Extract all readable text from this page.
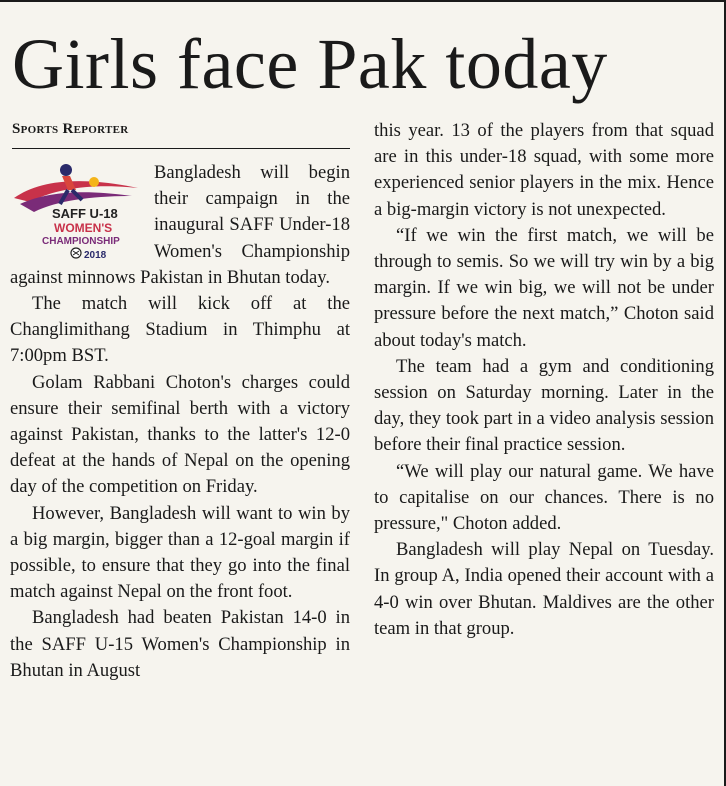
Girls face Pak today
Sports Reporter
SAFF U-18
WOMEN'S
CHAMPIONSHIP
2018

Bangladesh will begin their campaign in the inaugural SAFF Under-18 Women's Championship against minnows Pakistan in Bhutan today.

The match will kick off at the Changlimithang Stadium in Thimphu at 7:00pm BST.

Golam Rabbani Choton's charges could ensure their semifinal berth with a victory against Pakistan, thanks to the latter's 12-0 defeat at the hands of Nepal on the opening day of the competition on Friday.

However, Bangladesh will want to win by a big margin, bigger than a 12-goal margin if possible, to ensure that they go into the final match against Nepal on the front foot.

Bangladesh had beaten Pakistan 14-0 in the SAFF U-15 Women's Championship in Bhutan in August

this year. 13 of the players from that squad are in this under-18 squad, with some more experienced senior players in the mix. Hence a big-margin victory is not unexpected.

“If we win the first match, we will be through to semis. So we will try win by a big margin. If we win big, we will not be under pressure before the next match,” Choton said about today's match.

The team had a gym and conditioning session on Saturday morning. Later in the day, they took part in a video analysis session before their final practice session.

“We will play our natural game. We have to capitalise on our chances. There is no pressure," Choton added.

Bangladesh will play Nepal on Tuesday. In group A, India opened their account with a 4-0 win over Bhutan. Maldives are the other team in that group.
